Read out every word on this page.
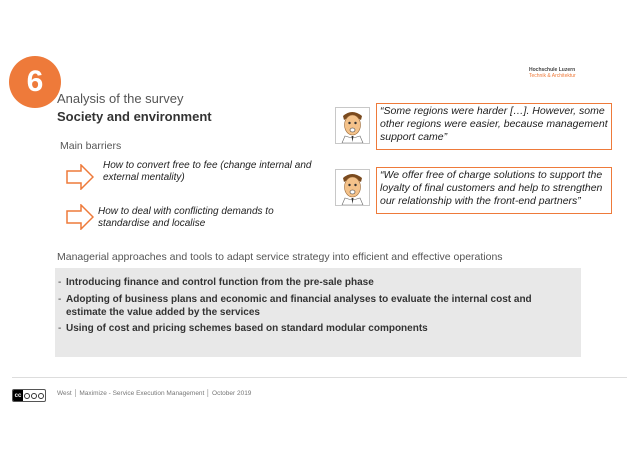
6	Hochschule Luzern
Technik & Architektur
Analysis of the survey
Society and environment
Main barriers
How to convert free to fee (change internal and
external mentality)
How to deal with conflicting demands to
standardise and localise
“Some regions were harder […]. However, some
other regions were easier, because management
support came”
“We offer free of charge solutions to support the
loyalty of final customers and help to strengthen
our relationship with the front-end partners”
Managerial approaches and tools to adapt service strategy into efficient and effective operations
- Introducing finance and control function from the pre-sale phase
- Adopting of business plans and economic and financial analyses to evaluate the internal cost and
estimate the value added by the services
- Using of cost and pricing schemes based on standard modular components
cc	West │ Maximize - Service Execution Management │ October 2019
